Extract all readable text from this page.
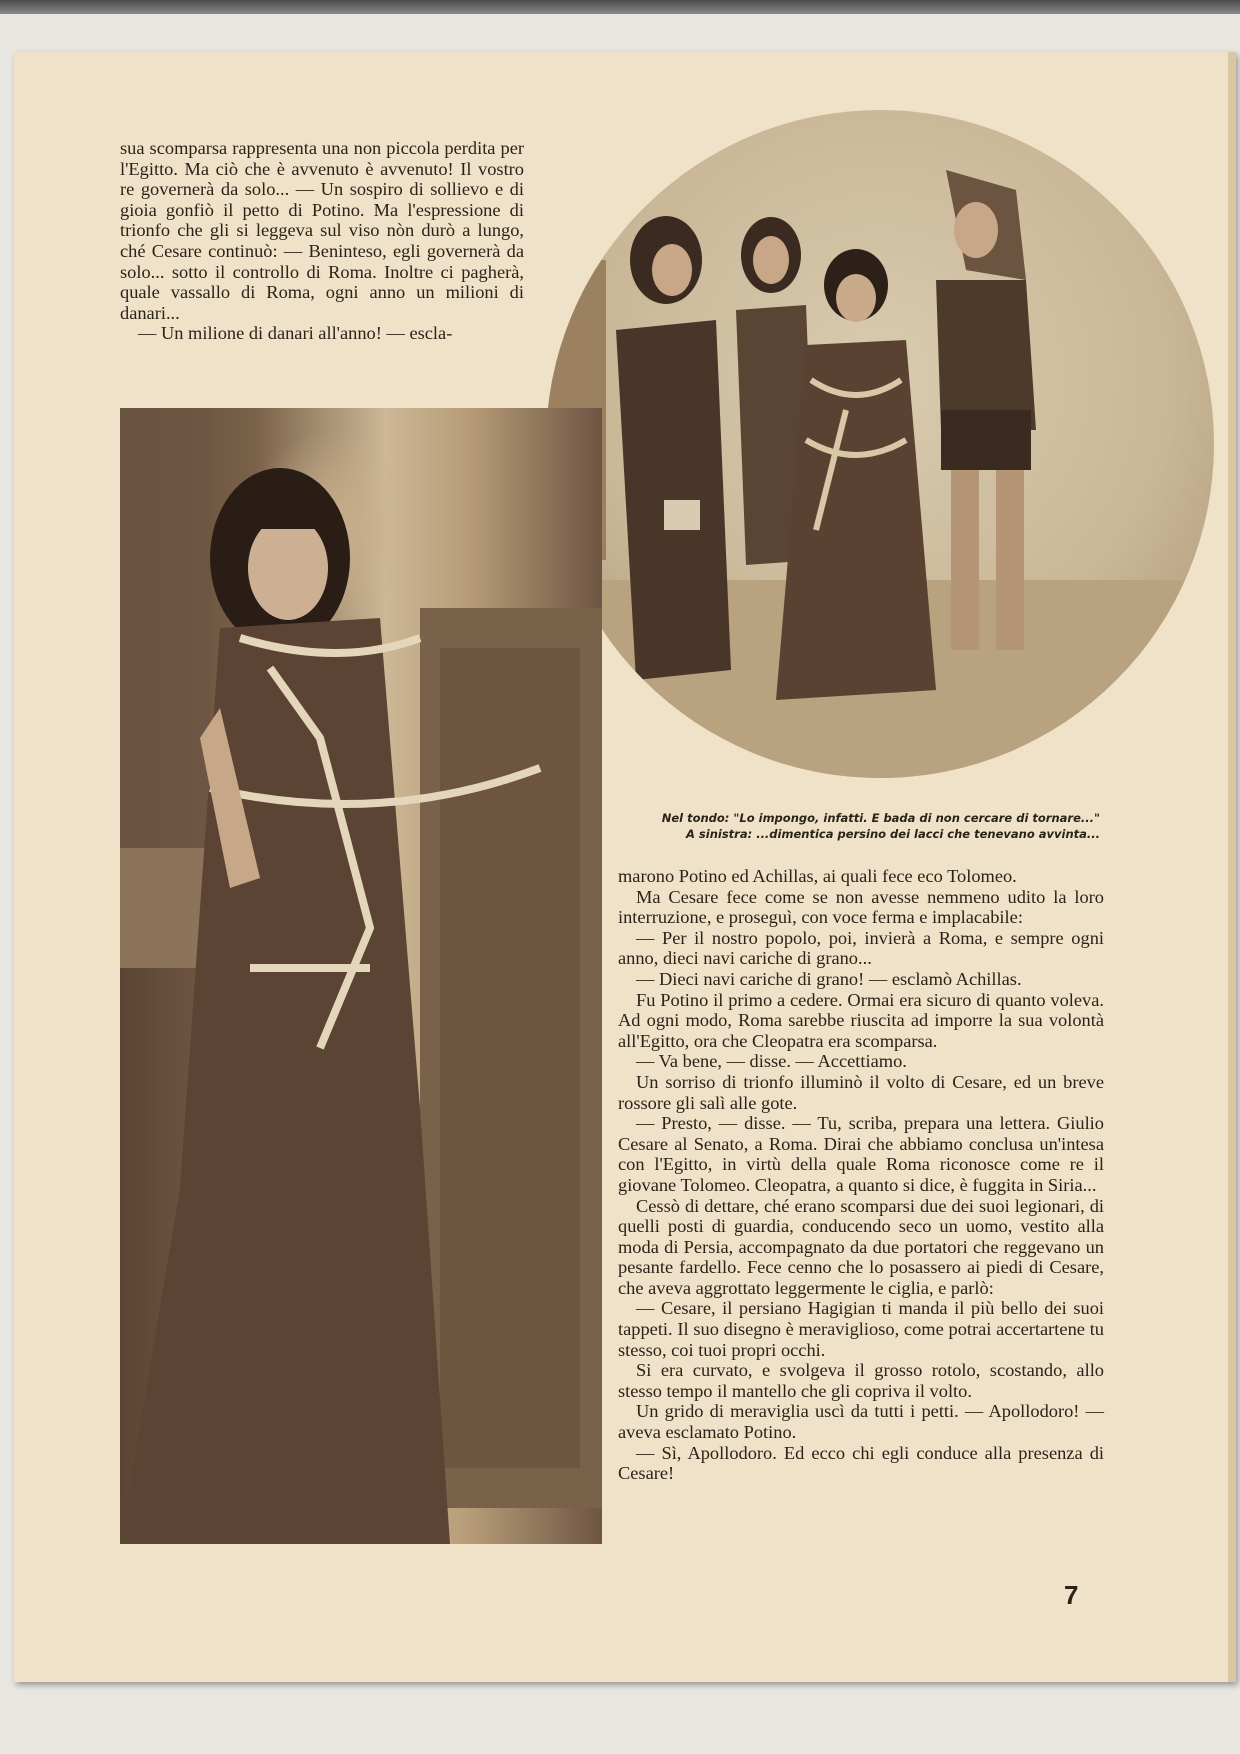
sua scomparsa rappresenta una non piccola perdita per l'Egitto. Ma ciò che è avvenuto è avvenuto! Il vostro re governerà da solo... — Un sospiro di sollievo e di gioia gonfiò il petto di Potino. Ma l'espressione di trionfo che gli si leggeva sul viso nòn durò a lungo, ché Cesare continuò: — Beninteso, egli governerà da solo... sotto il controllo di Roma. Inoltre ci pagherà, quale vassallo di Roma, ogni anno un milioni di danari...

— Un milione di danari all'anno! — escla-

Nel tondo: "Lo impongo, infatti. E bada di non cercare di tornare..."
A sinistra: ...dimentica persino dei lacci che tenevano avvinta...

marono Potino ed Achillas, ai quali fece eco Tolomeo.

Ma Cesare fece come se non avesse nemmeno udito la loro interruzione, e proseguì, con voce ferma e implacabile:

— Per il nostro popolo, poi, invierà a Roma, e sempre ogni anno, dieci navi cariche di grano...

— Dieci navi cariche di grano! — esclamò Achillas.

Fu Potino il primo a cedere. Ormai era sicuro di quanto voleva. Ad ogni modo, Roma sarebbe riuscita ad imporre la sua volontà all'Egitto, ora che Cleopatra era scomparsa.

— Va bene, — disse. — Accettiamo.

Un sorriso di trionfo illuminò il volto di Cesare, ed un breve rossore gli salì alle gote.

— Presto, — disse. — Tu, scriba, prepara una lettera. Giulio Cesare al Senato, a Roma. Dirai che abbiamo conclusa un'intesa con l'Egitto, in virtù della quale Roma riconosce come re il giovane Tolomeo. Cleopatra, a quanto si dice, è fuggita in Siria...

Cessò di dettare, ché erano scomparsi due dei suoi legionari, di quelli posti di guardia, conducendo seco un uomo, vestito alla moda di Persia, accompagnato da due portatori che reggevano un pesante fardello. Fece cenno che lo posassero ai piedi di Cesare, che aveva aggrottato leggermente le ciglia, e parlò:

— Cesare, il persiano Hagigian ti manda il più bello dei suoi tappeti. Il suo disegno è meraviglioso, come potrai accertartene tu stesso, coi tuoi propri occhi.

Si era curvato, e svolgeva il grosso rotolo, scostando, allo stesso tempo il mantello che gli copriva il volto.

Un grido di meraviglia uscì da tutti i petti. — Apollodoro! — aveva esclamato Potino.

— Sì, Apollodoro. Ed ecco chi egli conduce alla presenza di Cesare!

7
